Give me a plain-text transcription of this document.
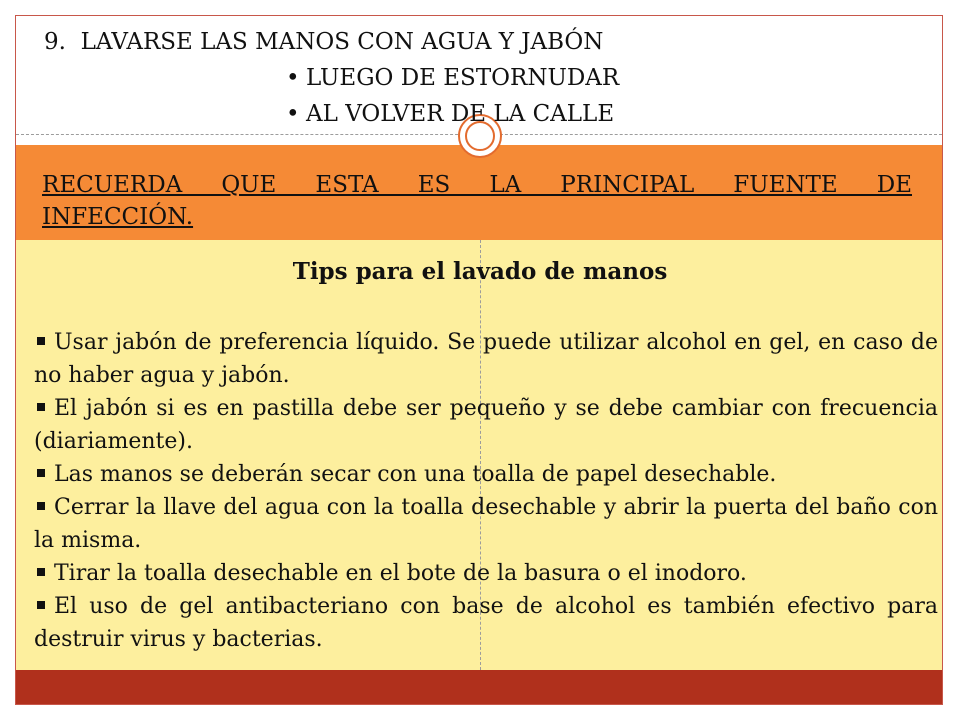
9. LAVARSE LAS MANOS CON AGUA Y JABÓN
• LUEGO DE ESTORNUDAR
• AL VOLVER DE LA CALLE
RECUERDA QUE ESTA ES LA PRINCIPAL FUENTE DE
INFECCIÓN.
Tips para el lavado de manos
Usar jabón de preferencia líquido. Se puede utilizar alcohol en gel, en caso de no haber agua y jabón.
El jabón si es en pastilla debe ser pequeño y se debe cambiar con frecuencia (diariamente).
Las manos se deberán secar con una toalla de papel desechable.
Cerrar la llave del agua con la toalla desechable y abrir la puerta del baño con la misma.
Tirar la toalla desechable en el bote de la basura o el inodoro.
El uso de gel antibacteriano con base de alcohol es también efectivo para destruir virus y bacterias.
